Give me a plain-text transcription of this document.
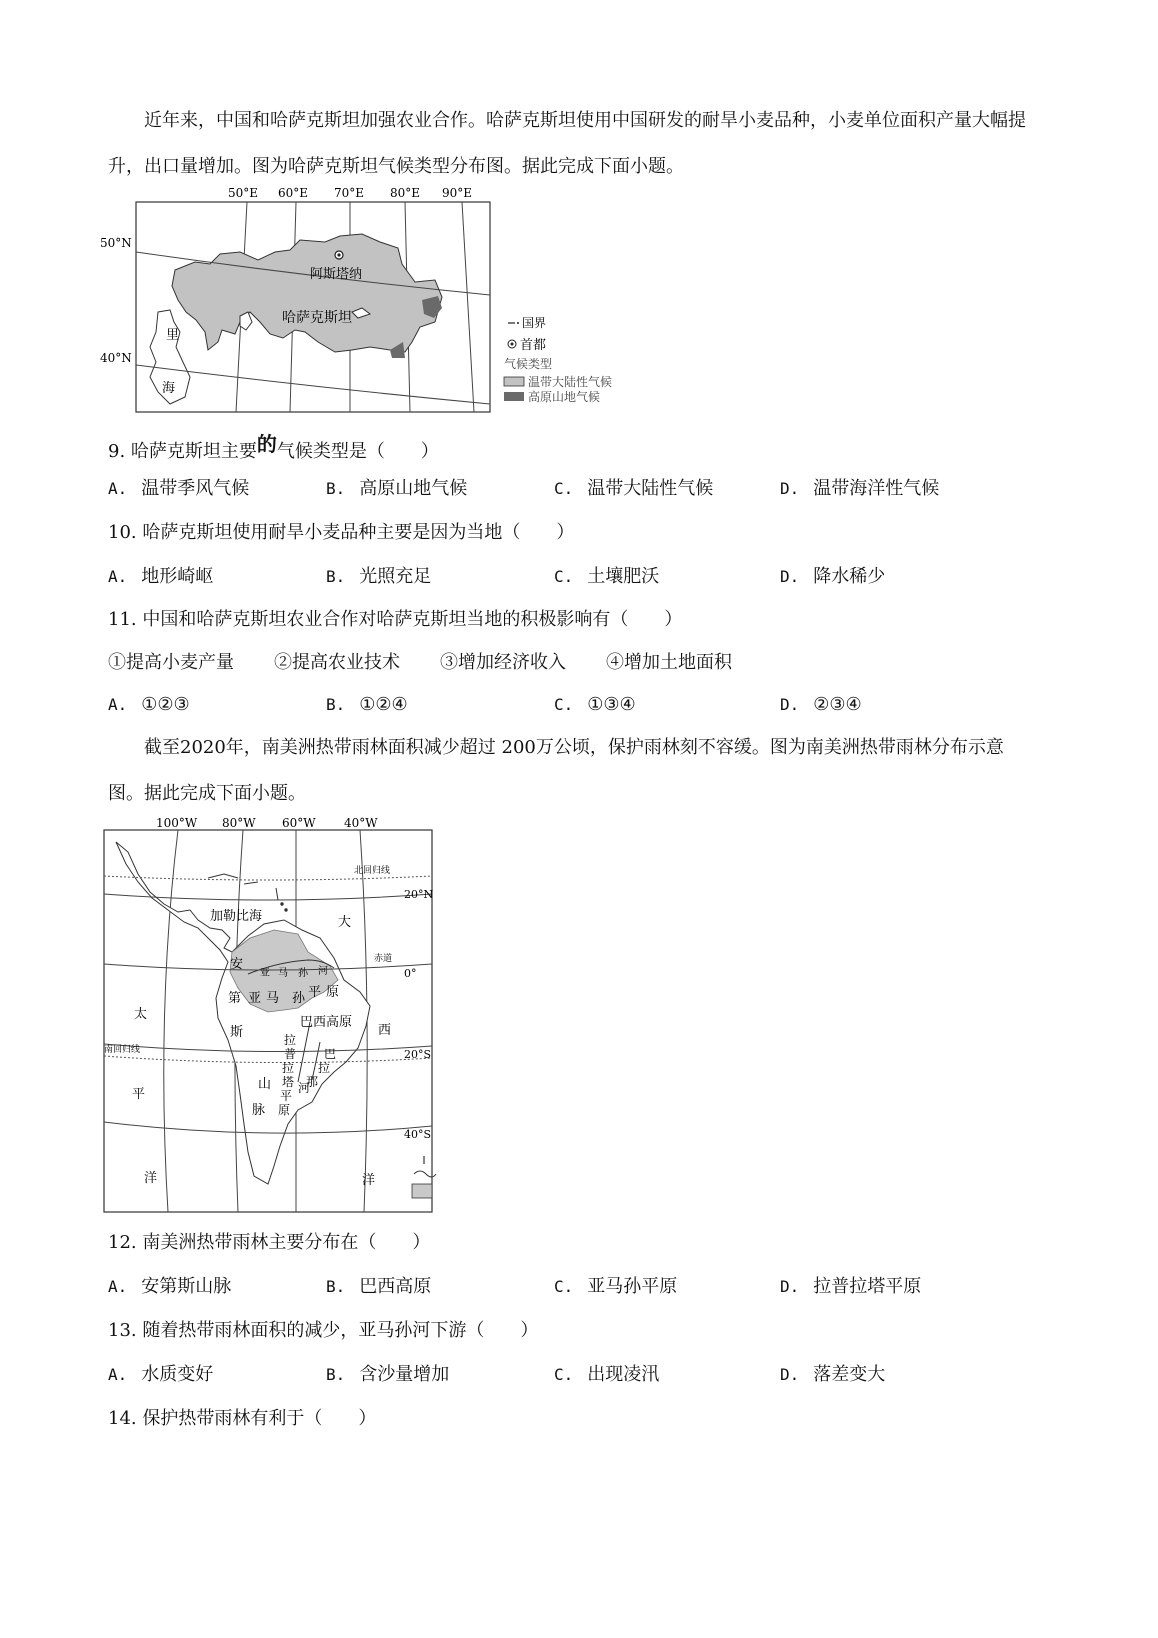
近年来，中国和哈萨克斯坦加强农业合作。哈萨克斯坦使用中国研发的耐旱小麦品种，小麦单位面积产量大幅提升，出口量增加。图为哈萨克斯坦气候类型分布图。据此完成下面小题。
阿斯塔纳
哈萨克斯坦
里
海
50°E 60°E 70°E 80°E 90°E
50°N
40°N
国界
首都
气候类型
温带大陆性气候
高原山地气候
9. 哈萨克斯坦主要的气候类型是（　　）
A. 温带季风气候	B. 高原山地气候	C. 温带大陆性气候	D. 温带海洋性气候
10. 哈萨克斯坦使用耐旱小麦品种主要是因为当地（　　）
A. 地形崎岖	B. 光照充足	C. 土壤肥沃	D. 降水稀少
11. 中国和哈萨克斯坦农业合作对哈萨克斯坦当地的积极影响有（　　）
①提高小麦产量 ②提高农业技术 ③增加经济收入 ④增加土地面积
A. ①②③	B. ①②④	C. ①③④	D. ②③④
截至2020年，南美洲热带雨林面积减少超过 200万公顷，保护雨林刻不容缓。图为南美洲热带雨林分布示意图。据此完成下面小题。
100°W 80°W 60°W 40°W
20°N
0°
20°S
40°S
北回归线
赤道
南回归线
加勒比海	大
西
洋
太
平
洋
安
第
斯
山
脉
亚 马 孙 河
亚 马 孙 平 原
巴西高原
拉
普
拉
塔
平
原
巴
拉
那
河
12. 南美洲热带雨林主要分布在（　　）
A. 安第斯山脉	B. 巴西高原	C. 亚马孙平原	D. 拉普拉塔平原
13. 随着热带雨林面积的减少，亚马孙河下游（　　）
A. 水质变好	B. 含沙量增加	C. 出现凌汛	D. 落差变大
14. 保护热带雨林有利于（　　）
